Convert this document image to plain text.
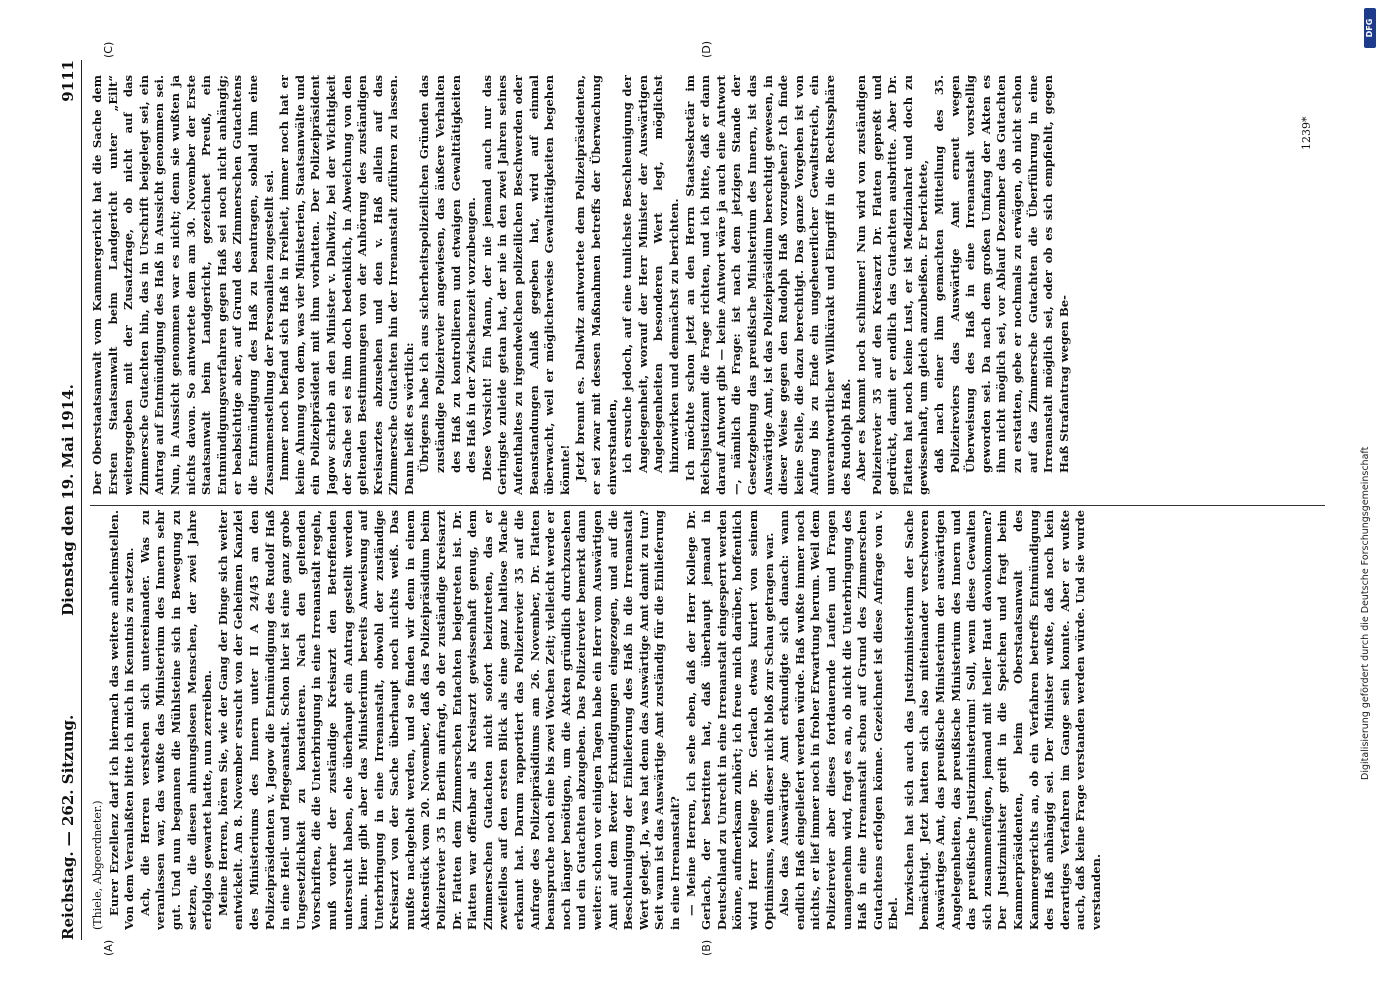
Reichstag. — 262. Sitzung.
Dienstag den 19. Mai 1914.
9111
(A)	(B)
(C)	(D)

(Thiele, Abgeordneter.) Eurer Erzellenz darf ich hiernach das weitere anheimstellen. Von dem Veranlaßten bitte ich mich in Kenntnis zu setzen. Ach, die Herren verstehen sich untereinander. Was zu veranlassen war, das wußte das Ministerium des Innern sehr gut. Und nun begannen die Mühlsteine sich in Bewegung zu setzen, die diesen ahnungslosen Menschen, der zwei Jahre erfolglos gewartet hatte, nun zerreiben. Meine Herren, hören Sie, wie der Gang der Dinge sich weiter entwickelt. Am 8. November ersucht von der Geheimen Kanzlei des Ministeriums des Innern unter II A 24/45 an den Polizeipräsidenten v. Jagow die Entmündigung des Rudolf Haß in eine Heil- und Pflegeanstalt. Schon hier ist eine ganz grobe Ungesetzlichkeit zu konstatieren. Nach den geltenden Vorschriften, die die Unterbringung in eine Irrenanstalt regeln, muß vorher der zuständige Kreisarzt den Betreffenden untersucht haben, ehe überhaupt ein Antrag gestellt werden kann. Hier gibt aber das Ministerium bereits Anweisung auf Unterbringung in eine Irrenanstalt, obwohl der zuständige Kreisarzt von der Sache überhaupt noch nichts weiß. Das mußte nachgeholt werden, und so finden wir denn in einem Aktenstück vom 20. November, daß das Polizeipräsidium beim Polizeirevier 35 in Berlin anfragt, ob der zuständige Kreisarzt Dr. Flatten dem Zimmerschen Entachten beigetreten ist. Dr. Flatten war offenbar als Kreisarzt gewissenhaft genug, dem Zimmerschen Gutachten nicht sofort beizutreten, das er zweifellos auf den ersten Blick als eine ganz haltlose Mache erkannt hat. Darum rapportiert das Polizeirevier 35 auf die Anfrage des Polizeipräsidiums am 26. November, Dr. Flatten beanspruche noch eine bis zwei Wochen Zeit; vielleicht werde er noch länger benötigen, um die Akten gründlich durchzusehen und ein Gutachten abzugeben. Das Polizeirevier bemerkt dann weiter: schon vor einigen Tagen habe ein Herr vom Auswärtigen Amt auf dem Revier Erkundigungen eingezogen, und auf die Beschleunigung der Einlieferung des Haß in die Irrenanstalt Wert gelegt. Ja, was hat denn das Auswärtige Amt damit zu tun? Seit wann ist das Auswärtige Amt zuständig für die Einlieferung in eine Irrenanstalt? — Meine Herren, ich sehe eben, daß der Herr Kollege Dr. Gerlach, der bestritten hat, daß überhaupt jemand in Deutschland zu Unrecht in eine Irrenanstalt eingesperrt werden könne, aufmerksam zuhört; ich freue mich darüber, hoffentlich wird Herr Kollege Dr. Gerlach etwas kuriert von seinem Optimismus, wenn dieser nicht bloß zur Schau getragen war. Also das Auswärtige Amt erkundigte sich danach: wann endlich Haß eingeliefert werden würde. Haß wußte immer noch nichts, er lief immer noch in froher Erwartung herum. Weil dem Polizeirevier aber dieses fortdauernde Laufen und Fragen unangenehm wird, fragt es an, ob nicht die Unterbringung des Haß in eine Irrenanstalt schon auf Grund des Zimmerschen Gutachtens erfolgen könne. Gezeichnet ist diese Anfrage von v. Ebel. Inzwischen hat sich auch das Justizministerium der Sache bemächtigt. Jetzt hatten sich also miteinander verschworen Auswärtiges Amt, das preußische Ministerium der auswärtigen Angelegenheiten, das preußische Ministerium des Innern und das preußische Justizministerium! Soll, wenn diese Gewalten sich zusammenfügen, jemand mit heiler Haut davonkommen? Der Justizminister greift in die Speichen und fragt beim Kammerpräsidenten, beim Oberstaatsanwalt des Kammergerichts an, ob ein Verfahren betreffs Entmündigung des Haß anhängig sei. Der Minister wußte, daß noch kein derartiges Verfahren im Gange sein konnte. Aber er wußte auch, daß keine Frage verstanden werden würde. Und sie wurde verstanden.

Der Oberstaatsanwalt vom Kammergericht hat die Sache dem Ersten Staatsanwalt beim Landgericht unter „Eilt“ weitergegeben mit der Zusatzfrage, ob nicht auf das Zimmersche Gutachten hin, das in Urschrift beigelegt sei, ein Antrag auf Entmündigung des Haß in Aussicht genommen sei. Nun, in Aussicht genommen war es nicht; denn sie wußten ja nichts davon. So antwortete dem am 30. November der Erste Staatsanwalt beim Landgericht, gezeichnet Preuß, ein Entmündigungsverfahren gegen Haß sei noch nicht anhängig; er beabsichtige aber, auf Grund des Zimmerschen Gutachtens die Entmündigung des Haß zu beantragen, sobald ihm eine Zusammenstellung der Personalien zugestellt sei. Immer noch befand sich Haß in Freiheit, immer noch hat er keine Ahnung von dem, was vier Ministerien, Staatsanwälte und ein Polizeipräsident mit ihm vorhatten. Der Polizeipräsident Jagow schrieb an den Minister v. Dallwitz, bei der Wichtigkeit der Sache sei es ihm doch bedenklich, in Abweichung von den geltenden Bestimmungen von der Anhörung des zuständigen Kreisarztes abzusehen und den v. Haß allein auf das Zimmersche Gutachten hin der Irrenanstalt zuführen zu lassen. Dann heißt es wörtlich: Übrigens habe ich aus sicherheitspolizeilichen Gründen das zuständige Polizeirevier angewiesen, das äußere Verhalten des Haß zu kontrollieren und etwaigen Gewalttätigkeiten des Haß in der Zwischenzeit vorzubeugen. Diese Vorsicht! Ein Mann, der nie jemand auch nur das Geringste zuleide getan hat, der nie in den zwei Jahren seines Aufenthaltes zu irgendwelchen polizeilichen Beschwerden oder Beanstandungen Anlaß gegeben hat, wird auf einmal überwacht, weil er möglicherweise Gewalttätigkeiten begehen könnte! Jetzt brennt es. Dallwitz antwortete dem Polizeipräsidenten, er sei zwar mit dessen Maßnahmen betreffs der Überwachung einverstanden, ich ersuche jedoch, auf eine tunlichste Beschleunigung der Angelegenheit, worauf der Herr Minister der Auswärtigen Angelegenheiten besonderen Wert legt, möglichst hinzuwirken und demnächst zu berichten. Ich möchte schon jetzt an den Herrn Staatssekretär im Reichsjustizamt die Frage richten, und ich bitte, daß er dann darauf Antwort gibt — keine Antwort wäre ja auch eine Antwort —, nämlich die Frage: ist nach dem jetzigen Stande der Gesetzgebung das preußische Ministerium des Innern, ist das Auswärtige Amt, ist das Polizeipräsidium berechtigt gewesen, in dieser Weise gegen den Rudolph Haß vorzugehen? Ich finde keine Stelle, die dazu berechtigt. Das ganze Vorgehen ist von Anfang bis zu Ende ein ungeheuerlicher Gewaltstreich, ein unverantwortlicher Willkürakt und Eingriff in die Rechtssphäre des Rudolph Haß. Aber es kommt noch schlimmer! Nun wird von zuständigen Polizeirevier 35 auf den Kreisarzt Dr. Flatten gepreßt und gedrückt, damit er endlich das Gutachten ausbritte. Aber Dr. Flatten hat noch keine Lust, er ist Medizinalrat und doch zu gewissenhaft, um gleich anzubeißen. Er berichtete, daß nach einer ihm gemachten Mitteilung des 35. Polizeireviers das Auswärtige Amt erneut wegen Überweisung des Haß in eine Irrenanstalt vorstellig geworden sei. Da nach dem großen Umfang der Akten es ihm nicht möglich sei, vor Ablauf Dezember das Gutachten zu erstatten, gebe er nochmals zu erwägen, ob nicht schon auf das Zimmersche Gutachten die Überführung in eine Irrenanstalt möglich sei, oder ob es sich empfiehlt, gegen Haß Strafantrag wegen Be-

1239*
DFG
Digitalisierung gefördert durch die Deutsche Forschungsgemeinschaft
